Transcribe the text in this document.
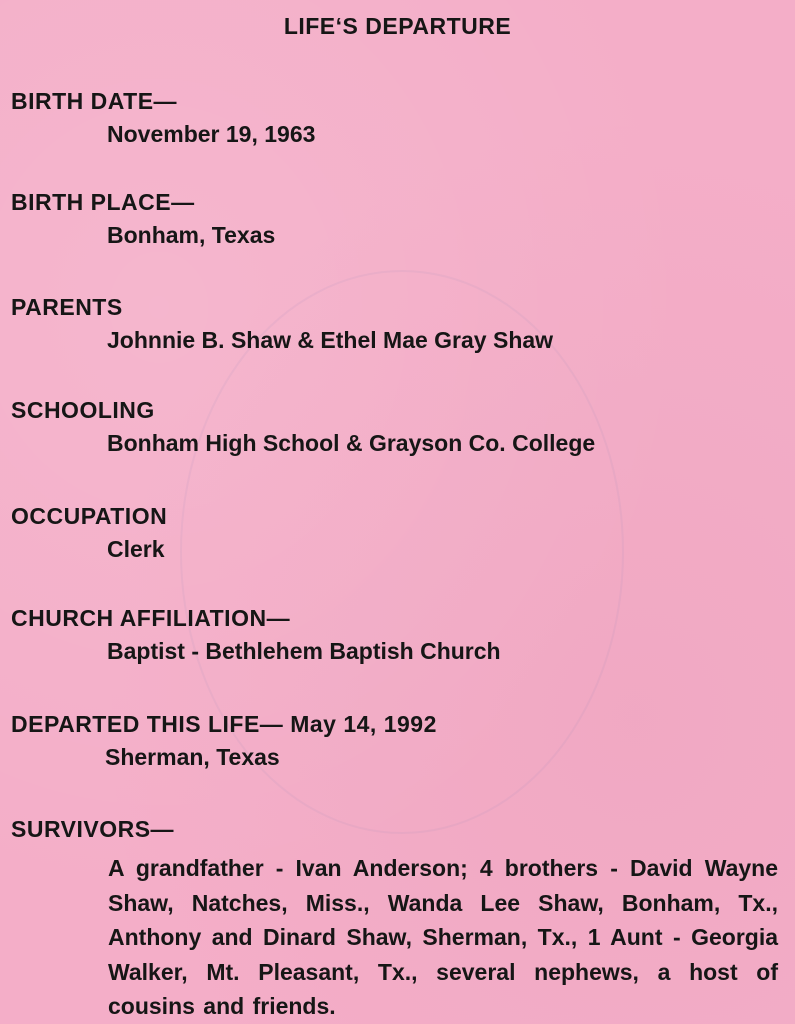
LIFE‘S DEPARTURE
BIRTH DATE—
November 19, 1963
BIRTH PLACE—
Bonham, Texas
PARENTS
Johnnie B. Shaw & Ethel Mae Gray Shaw
SCHOOLING
Bonham High School & Grayson Co. College
OCCUPATION
Clerk
CHURCH AFFILIATION—
Baptist - Bethlehem Baptish Church
DEPARTED THIS LIFE— May 14, 1992
Sherman, Texas
SURVIVORS—
A grandfather - Ivan Anderson; 4 brothers - David Wayne Shaw, Natches, Miss., Wanda Lee Shaw, Bonham, Tx., Anthony and Dinard Shaw, Sherman, Tx., 1 Aunt - Georgia Walker, Mt. Pleasant, Tx., several nephews, a host of cousins and friends.
